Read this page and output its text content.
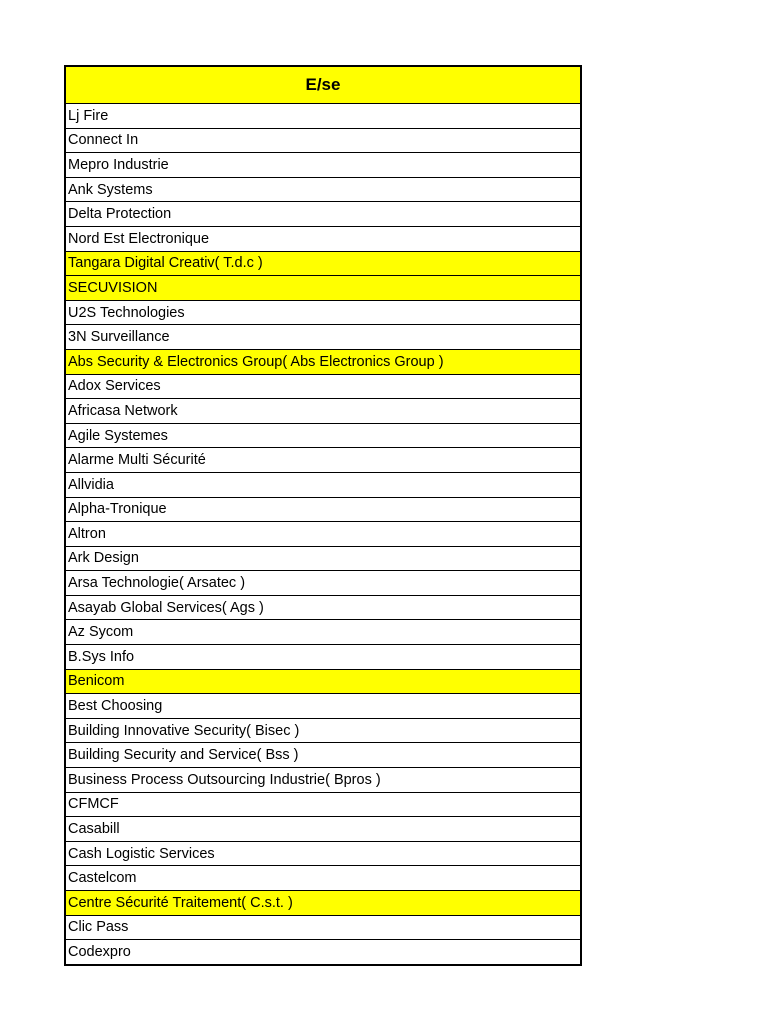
E/se
Lj Fire
Connect In
Mepro Industrie
Ank Systems
Delta Protection
Nord Est Electronique
Tangara Digital Creativ( T.d.c )
SECUVISION
U2S Technologies
3N Surveillance
Abs Security & Electronics Group( Abs Electronics Group )
Adox Services
Africasa Network
Agile Systemes
Alarme Multi Sécurité
Allvidia
Alpha-Tronique
Altron
Ark Design
Arsa Technologie( Arsatec )
Asayab Global Services( Ags )
Az Sycom
B.Sys Info
Benicom
Best Choosing
Building Innovative Security( Bisec )
Building Security and Service( Bss )
Business Process Outsourcing Industrie( Bpros )
CFMCF
Casabill
Cash Logistic Services
Castelcom
Centre Sécurité Traitement( C.s.t. )
Clic Pass
Codexpro
